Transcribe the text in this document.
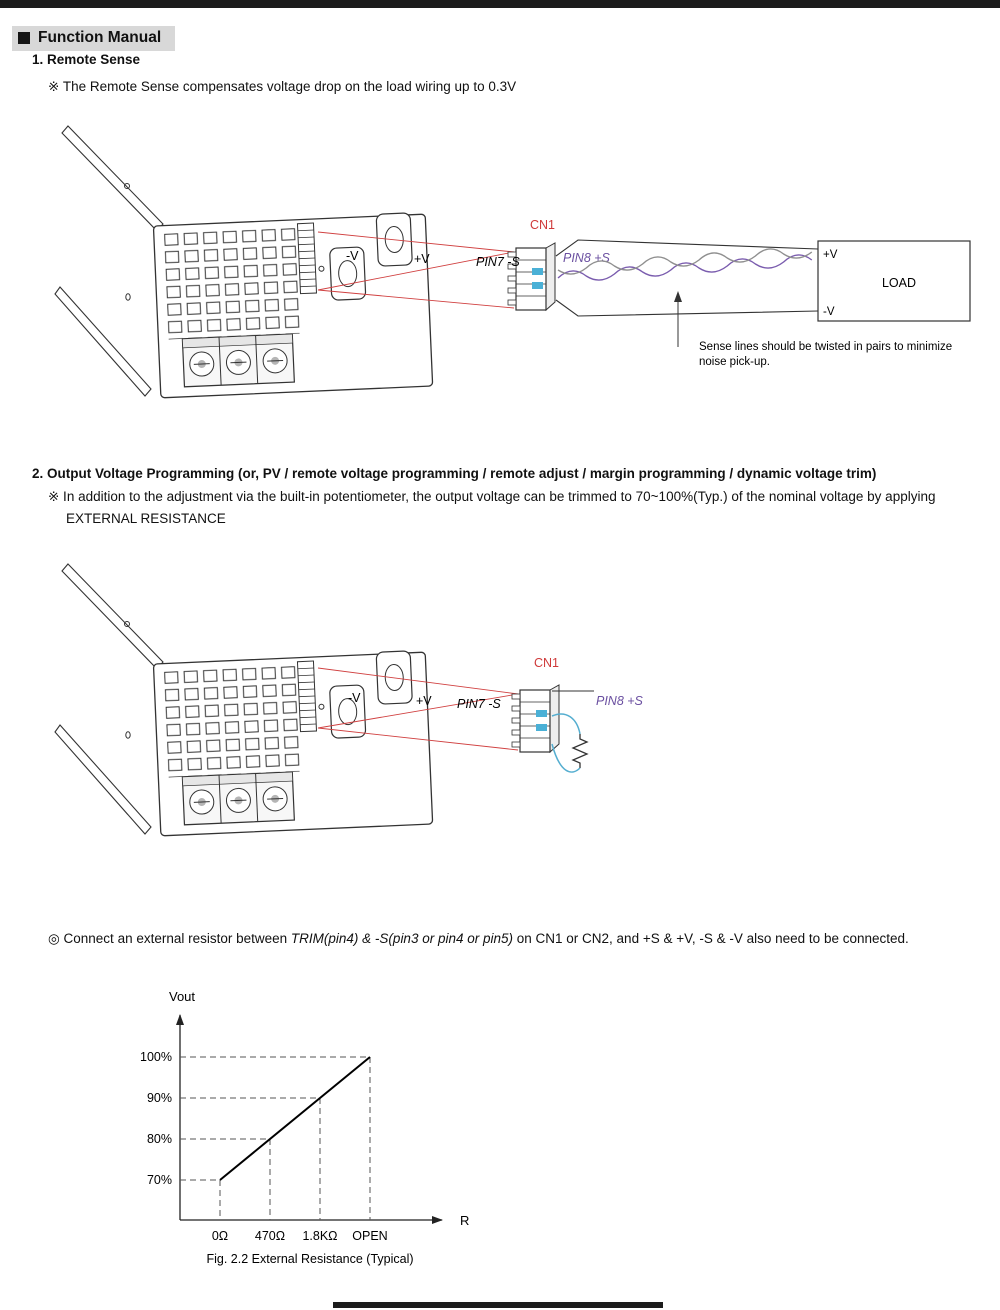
Function Manual
1. Remote Sense
※ The Remote Sense compensates voltage drop on the load wiring up to 0.3V
CN1
-V	+V	PIN7 -S	PIN8 +S
LOAD
+V
-V
Sense lines should be twisted in pairs to minimize
noise pick-up.
2. Output Voltage Programming (or, PV / remote voltage programming / remote adjust / margin programming / dynamic voltage trim)
※ In addition to the adjustment via the built-in potentiometer, the output voltage can be trimmed to 70~100%(Typ.) of the nominal voltage by applying
EXTERNAL RESISTANCE
CN1
-V	+V PIN7 -S	PIN8 +S
◎ Connect an external resistor between TRIM(pin4) & -S(pin3 or pin4 or pin5) on CN1 or CN2, and +S & +V, -S & -V also need to be connected.
Vout
R
70%
0Ω
80%
470Ω
90%
1.8KΩ
100%
OPEN
Fig. 2.2 External Resistance (Typical)
